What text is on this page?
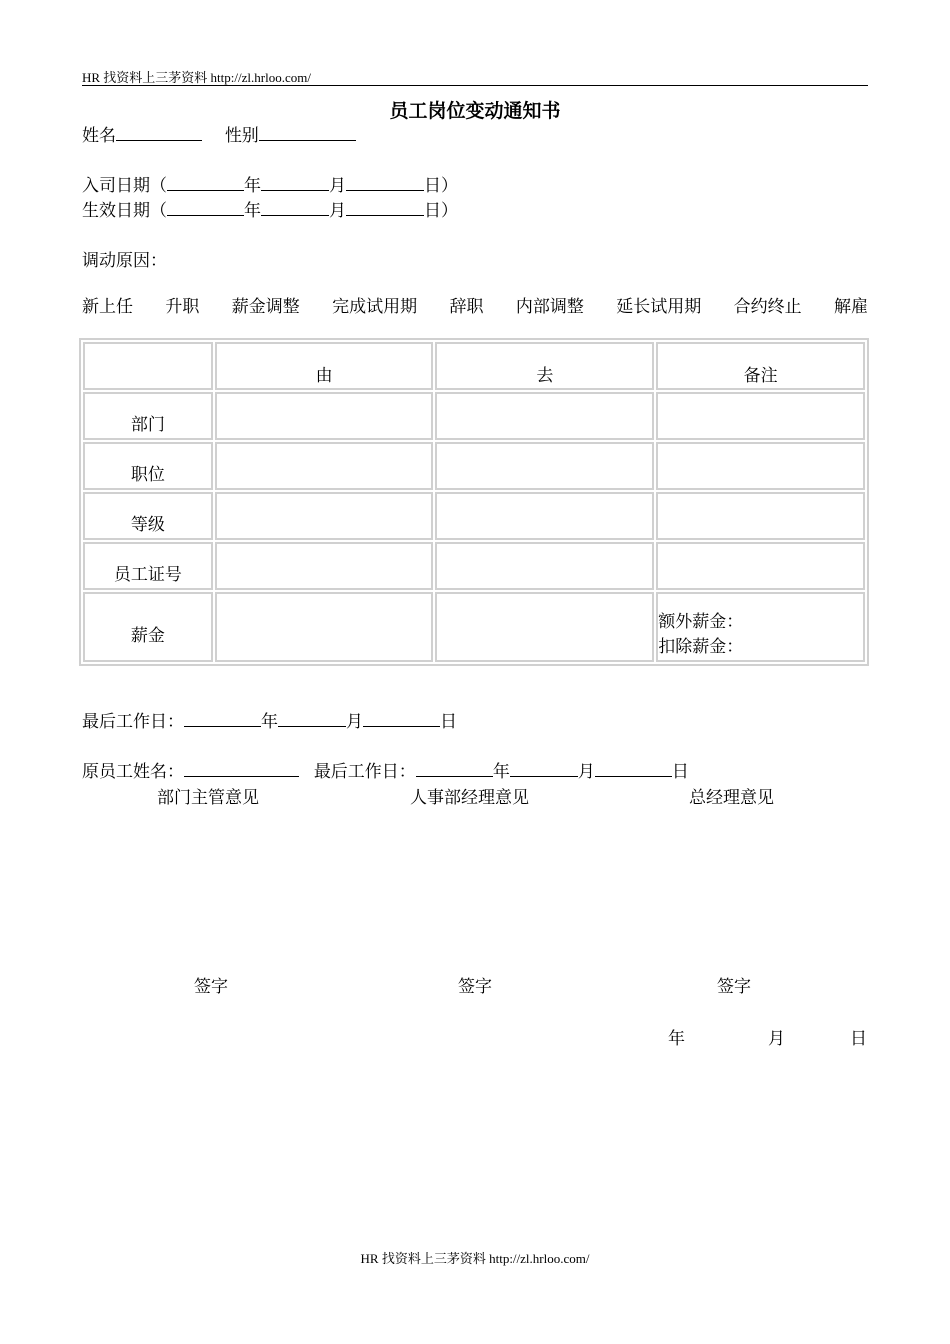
HR 找资料上三茅资料 http://zl.hrloo.com/
员工岗位变动通知书
姓名	性别
入司日期（	年	月	日）
生效日期（	年	月	日）
调动原因：
新上任 升职 薪金调整 完成试用期 辞职 内部调整 延长试用期 合约终止 解雇
	由	去	备注
部门			
职位			
等级			
员工证号			
薪金			额外薪金：
扣除薪金：
最后工作日：	年	月	日
原员工姓名：	最后工作日：	年	月	日
部门主管意见	人事部经理意见	总经理意见
签字	签字	签字
年	月	日
HR 找资料上三茅资料 http://zl.hrloo.com/
